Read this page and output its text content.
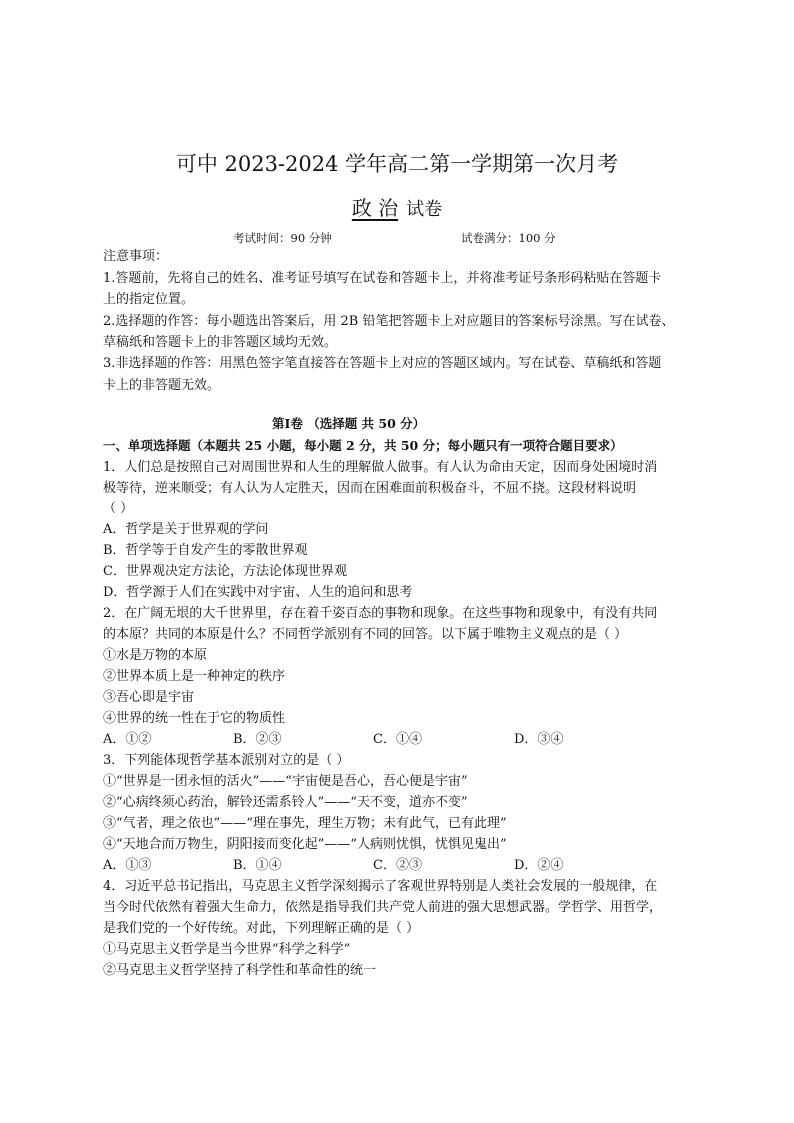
可中 2023-2024 学年高二第一学期第一次月考
政 治 试卷
考试时间：90 分钟	试卷满分：100 分
注意事项：
1.答题前，先将自己的姓名、准考证号填写在试卷和答题卡上，并将准考证号条形码粘贴在答题卡
上的指定位置。
2.选择题的作答：每小题选出答案后，用 2B 铅笔把答题卡上对应题目的答案标号涂黑。写在试卷、
草稿纸和答题卡上的非答题区域均无效。
3.非选择题的作答：用黑色签字笔直接答在答题卡上对应的答题区域内。写在试卷、草稿纸和答题
卡上的非答题无效。
第Ⅰ卷 （选择题 共 50 分）
一、单项选择题（本题共 25 小题，每小题 2 分，共 50 分；每小题只有一项符合题目要求）
1．人们总是按照自己对周围世界和人生的理解做人做事。有人认为命由天定，因而身处困境时消
极等待，逆来顺受；有人认为人定胜天，因而在困难面前积极奋斗，不屈不挠。这段材料说明
（ ）
A．哲学是关于世界观的学问
B．哲学等于自发产生的零散世界观
C．世界观决定方法论，方法论体现世界观
D．哲学源于人们在实践中对宇宙、人生的追问和思考
2．在广阔无垠的大千世界里，存在着千姿百态的事物和现象。在这些事物和现象中，有没有共同
的本原？共同的本原是什么？不同哲学派别有不同的回答。以下属于唯物主义观点的是（ ）
①水是万物的本原
②世界本质上是一种神定的秩序
③吾心即是宇宙
④世界的统一性在于它的物质性
A．①②	B．②③	C．①④	D．③④
3．下列能体现哲学基本派别对立的是（ ）
①“世界是一团永恒的活火”——“宇宙便是吾心，吾心便是宇宙”
②“心病终须心药治，解铃还需系铃人”——“天不变，道亦不变”
③“气者，理之依也”——“理在事先，理生万物；未有此气，已有此理”
④“天地合而万物生，阴阳接而变化起”——“人病则忧惧，忧惧见鬼出”
A．①③	B．①④	C．②③	D．②④
4．习近平总书记指出，马克思主义哲学深刻揭示了客观世界特别是人类社会发展的一般规律，在
当今时代依然有着强大生命力，依然是指导我们共产党人前进的强大思想武器。学哲学、用哲学，
是我们党的一个好传统。对此，下列理解正确的是（ ）
①马克思主义哲学是当今世界“科学之科学”
②马克思主义哲学坚持了科学性和革命性的统一
